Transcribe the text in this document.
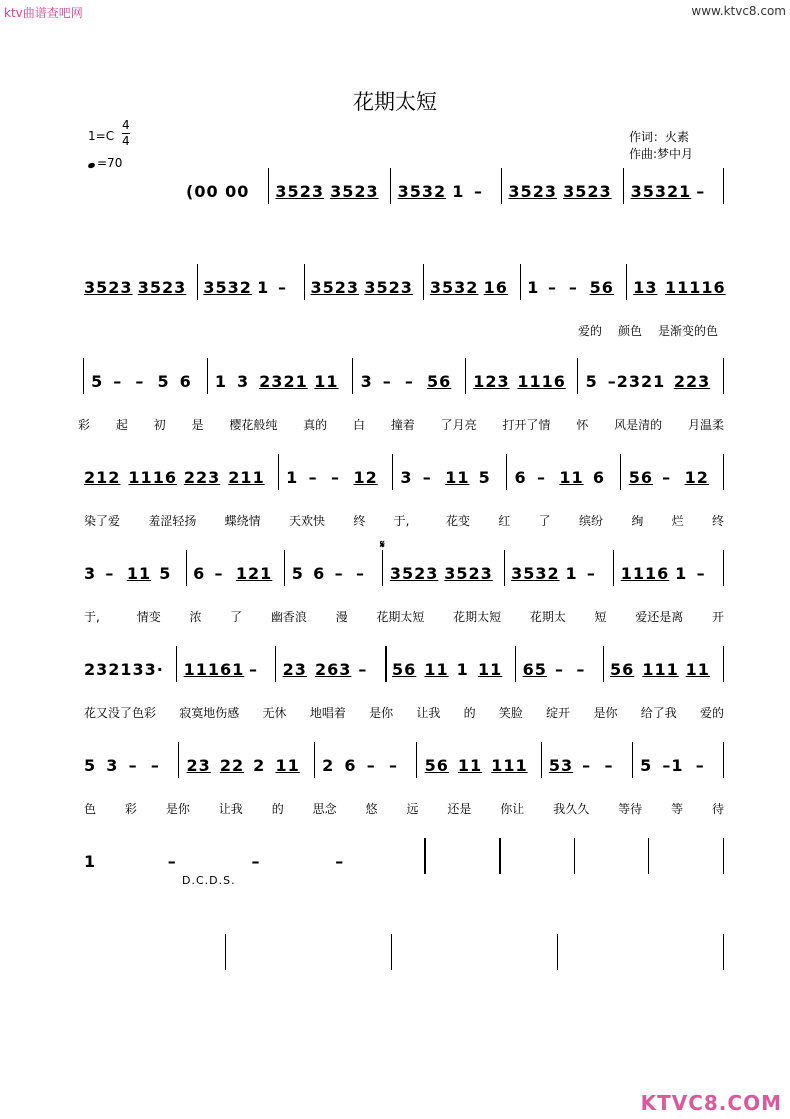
ktv曲谱查吧网	www.ktvc8.com
KTVC8.COM
花期太短
1=C
4
4
=70
作词：火素
作曲:梦中月
(00 00 3523 3523 3532 1 – 3523 3523 35321 –
3523 3523 3532 1 – 3523 3523 3532 16 1 – – 56 13 11116
爱的 颜色 是渐变的色
5 – – 5 6 1 3 2321 11 3 – – 56 123 1116 5 –2321 223
彩 起 初 是 樱花般纯 真的 白 撞着 了月亮 打开了情 怀 风是清的 月温柔
212 1116 223 211 1 – – 12 3 – 11 5 6 – 11 6 56 – 12
染了爱 羞涩轻扬 蝶绕情 天欢快 终 于,	花变 红 了 缤纷 绚 烂 终
3 – 11 5 6 – 121 5 6 – – 3523 3523 3532 1 – 1116 1 –
𝄋
于,	情变 浓 了 幽香浪 漫 花期太短 花期太短 花期太 短 爱还是离 开
232133· 11161 – 23 263 – 56 11 1 11 65 – – 56 111 11
花又没了色彩 寂寞地伤感 无休 地唱着 是你 让我 的 笑脸 绽开 是你 给了我 爱的
5 3 – – 23 22 2 11 2 6 – – 56 11 111 53 – – 5 –1 –
色 彩 是你 让我 的 思念 悠 远 还是 你让 我久久 等待 等 待
1	–	–	–
D.C.D.S.
